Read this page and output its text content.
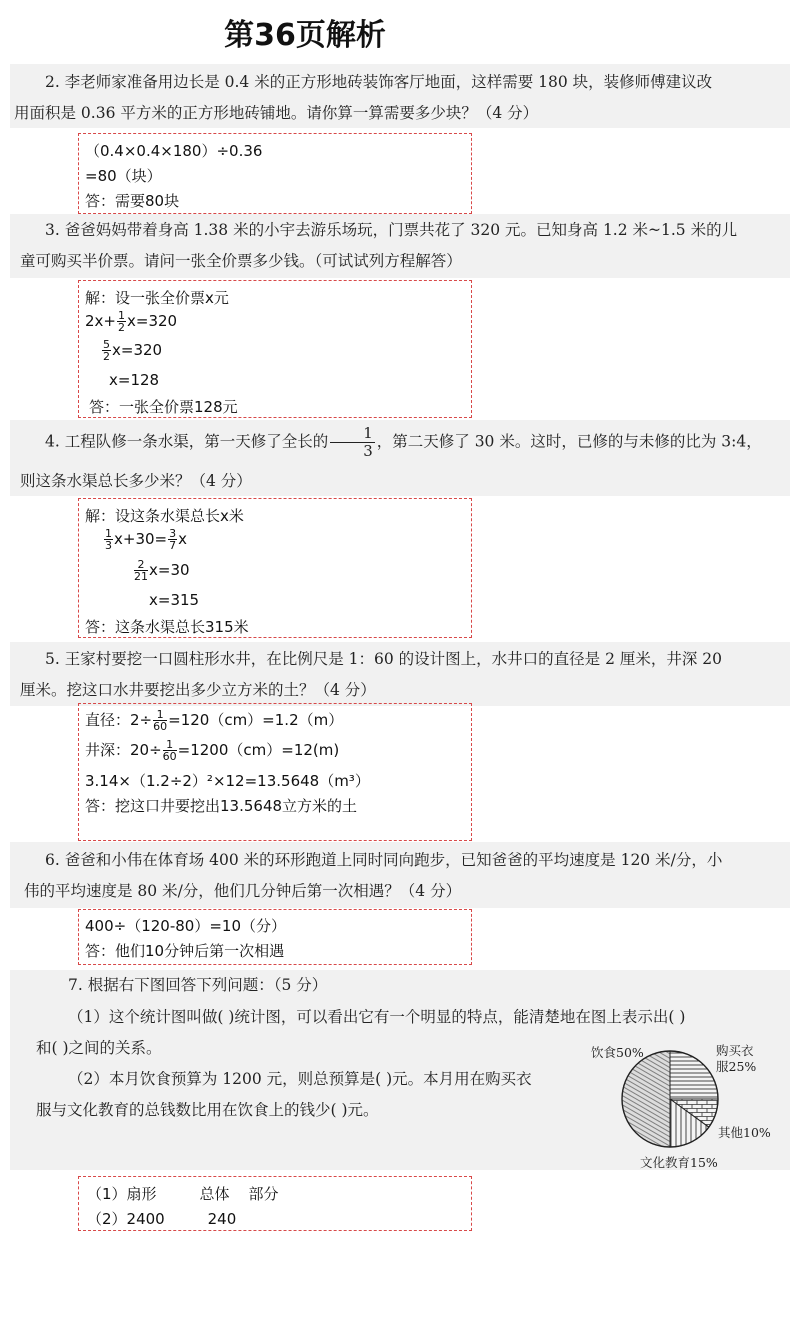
第36页解析

2. 李老师家准备用边长是 0.4 米的正方形地砖装饰客厅地面，这样需要 180 块，装修师傅建议改

用面积是 0.36 平方米的正方形地砖铺地。请你算一算需要多少块？（4 分）
（0.4×0.4×180）÷0.36
=80（块）
答：需要80块

3. 爸爸妈妈带着身高 1.38 米的小宇去游乐场玩，门票共花了 320 元。已知身高 1.2 米~1.5 米的儿

童可购买半价票。请问一张全价票多少钱。（可试试列方程解答）
解：设一张全价票x元
$2x+ \frac{1}{2} x=320$
$\frac{5}{2} x=320$
x=128
答：一张全价票128元

4. 工程队修一条水渠，第一天修了全长的 $\frac{1}{3}$ ，第二天修了 30 米。这时，已修的与未修的比为 3:4，

则这条水渠总长多少米？（4 分）
解：设这条水渠总长x米
$\frac{1}{3} x+30= \frac{3}{7}$ x
$\frac{2}{21} x=30$
x=315
答：这条水渠总长315米

5. 王家村要挖一口圆柱形水井，在比例尺是 1：60 的设计图上，水井口的直径是 2 厘米，井深 20

厘米。挖这口水井要挖出多少立方米的土？（4 分）
直径：$2\div \frac{1}{60} =120(cm)=1.2(m)$
井深：$20\div \frac{1}{60} =1200(cm)=12(m)$
3.14×（1.2÷2）²×12=13.5648（m³）
答：挖这口井要挖出13.5648立方米的土

6. 爸爸和小伟在体育场 400 米的环形跑道上同时同向跑步，已知爸爸的平均速度是 120 米/分，小

伟的平均速度是 80 米/分，他们几分钟后第一次相遇？（4 分）
400÷（120-80）=10（分）
答：他们10分钟后第一次相遇

7. 根据右下图回答下列问题：（5 分）

（1）这个统计图叫做( )统计图，可以看出它有一个明显的特点，能清楚地在图上表示出( )

和( )之间的关系。

（2）本月饮食预算为 1200 元，则总预算是( )元。本月用在购买衣

服与文化教育的总钱数比用在饮食上的钱少( )元。
饮食50%	购买衣
服25%
其他10%
文化教育15%
（1）扇形         总体    部分
（2）2400         240
